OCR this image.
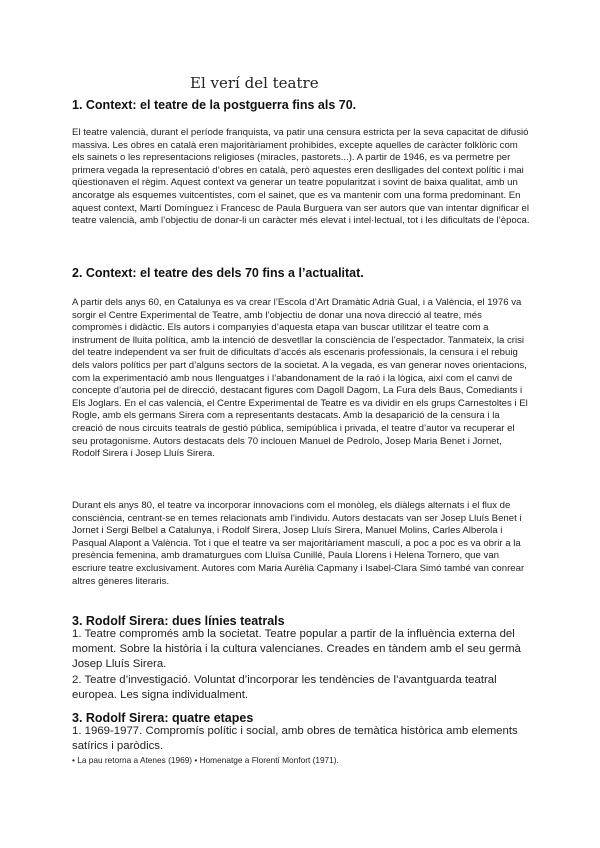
El verí del teatre
1. Context: el teatre de la postguerra fins als 70.

El teatre valencià, durant el període franquista, va patir una censura estricta per la seva capacitat de difusió massiva. Les obres en català eren majoritàriament prohibides, excepte aquelles de caràcter folklòric com els sainets o les representacions religioses (miracles, pastorets...). A partir de 1946, es va permetre per primera vegada la representació d’obres en català, però aquestes eren deslligades del context polític i mai qüestionaven el règim. Aquest context va generar un teatre popularitzat i sovint de baixa qualitat, amb un ancoratge als esquemes vuitcentistes, com el sainet, que es va mantenir com una forma predominant. En aquest context, Martí Domínguez i Francesc de Paula Burguera van ser autors que van intentar dignificar el teatre valencià, amb l’objectiu de donar-li un caràcter més elevat i intel·lectual, tot i les dificultats de l’època.

2. Context: el teatre des dels 70 fins a l’actualitat.

A partir dels anys 60, en Catalunya es va crear l’Escola d’Art Dramàtic Adrià Gual, i a València, el 1976 va sorgir el Centre Experimental de Teatre, amb l’objectiu de donar una nova direcció al teatre, més compromès i didàctic. Els autors i companyies d’aquesta etapa van buscar utilitzar el teatre com a instrument de lluita política, amb la intenció de desvetllar la consciència de l’espectador. Tanmateix, la crisi del teatre independent va ser fruit de dificultats d’accés als escenaris professionals, la censura i el rebuig dels valors polítics per part d’alguns sectors de la societat. A la vegada, es van generar noves orientacions, com la experimentació amb nous llenguatges i l’abandonament de la raó i la lògica, així com el canvi de concepte d’autoria pel de direcció, destacant figures com Dagoll Dagom, La Fura dels Baus, Comediants i Els Joglars. En el cas valencià, el Centre Experimental de Teatre es va dividir en els grups Carnestoltes i El Rogle, amb els germans Sirera com a representants destacats. Amb la desaparició de la censura i la creació de nous circuits teatrals de gestió pública, semipública i privada, el teatre d’autor va recuperar el seu protagonisme. Autors destacats dels 70 inclouen Manuel de Pedrolo, Josep Maria Benet i Jornet, Rodolf Sirera i Josep Lluís Sirera.

Durant els anys 80, el teatre va incorporar innovacions com el monòleg, els diàlegs alternats i el flux de consciència, centrant-se en temes relacionats amb l’individu. Autors destacats van ser Josep Lluís Benet i Jornet i Sergi Belbel a Catalunya, i Rodolf Sirera, Josep Lluís Sirera, Manuel Molins, Carles Alberola i Pasqual Alapont a València. Tot i que el teatre va ser majoritàriament masculí, a poc a poc es va obrir a la presència femenina, amb dramaturgues com Lluïsa Cunillé, Paula Llorens i Helena Tornero, que van escriure teatre exclusivament. Autores com Maria Aurèlia Capmany i Isabel-Clara Simó també van conrear altres gèneres literaris.

3. Rodolf Sirera: dues línies teatrals

1. Teatre compromés amb la societat. Teatre popular a partir de la influència externa del moment. Sobre la història i la cultura valencianes. Creades en tàndem amb el seu germà Josep Lluís Sirera.
2. Teatre d’investigació. Voluntat d’incorporar les tendències de l’avantguarda teatral europea. Les signa individualment.

3. Rodolf Sirera: quatre etapes

1. 1969-1977. Compromís polític i social, amb obres de temàtica històrica amb elements satírics i paròdics.

• La pau retorna a Atenes (1969) • Homenatge a Florentí Monfort (1971).
